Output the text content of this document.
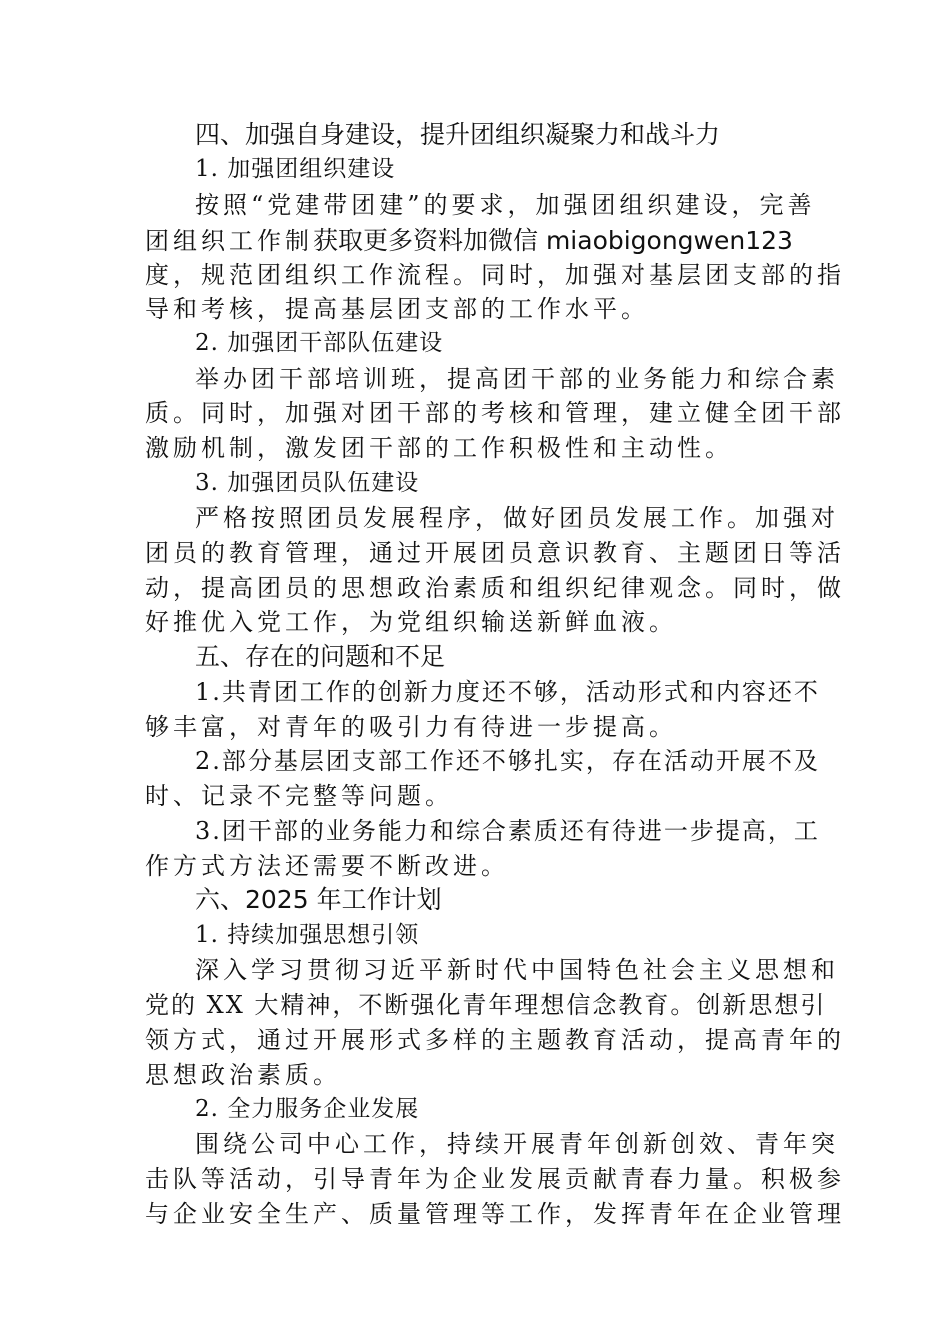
四、加强自身建设，提升团组织凝聚力和战斗力
1. 加强团组织建设
按照“党建带团建”的要求，加强团组织建设，完善
团组织工作制获取更多资料加微信 miaobigongwen123
度，规范团组织工作流程。同时，加强对基层团支部的指
导和考核，提高基层团支部的工作水平。
2. 加强团干部队伍建设
举办团干部培训班，提高团干部的业务能力和综合素
质。同时，加强对团干部的考核和管理，建立健全团干部
激励机制，激发团干部的工作积极性和主动性。
3. 加强团员队伍建设
严格按照团员发展程序，做好团员发展工作。加强对
团员的教育管理，通过开展团员意识教育、主题团日等活
动，提高团员的思想政治素质和组织纪律观念。同时，做
好推优入党工作，为党组织输送新鲜血液。
五、存在的问题和不足
1.共青团工作的创新力度还不够，活动形式和内容还不
够丰富，对青年的吸引力有待进一步提高。
2.部分基层团支部工作还不够扎实，存在活动开展不及
时、记录不完整等问题。
3.团干部的业务能力和综合素质还有待进一步提高，工
作方式方法还需要不断改进。
六、2025 年工作计划
1. 持续加强思想引领
深入学习贯彻习近平新时代中国特色社会主义思想和
党的 XX 大精神，不断强化青年理想信念教育。创新思想引
领方式，通过开展形式多样的主题教育活动，提高青年的
思想政治素质。
2. 全力服务企业发展
围绕公司中心工作，持续开展青年创新创效、青年突
击队等活动，引导青年为企业发展贡献青春力量。积极参
与企业安全生产、质量管理等工作，发挥青年在企业管理
